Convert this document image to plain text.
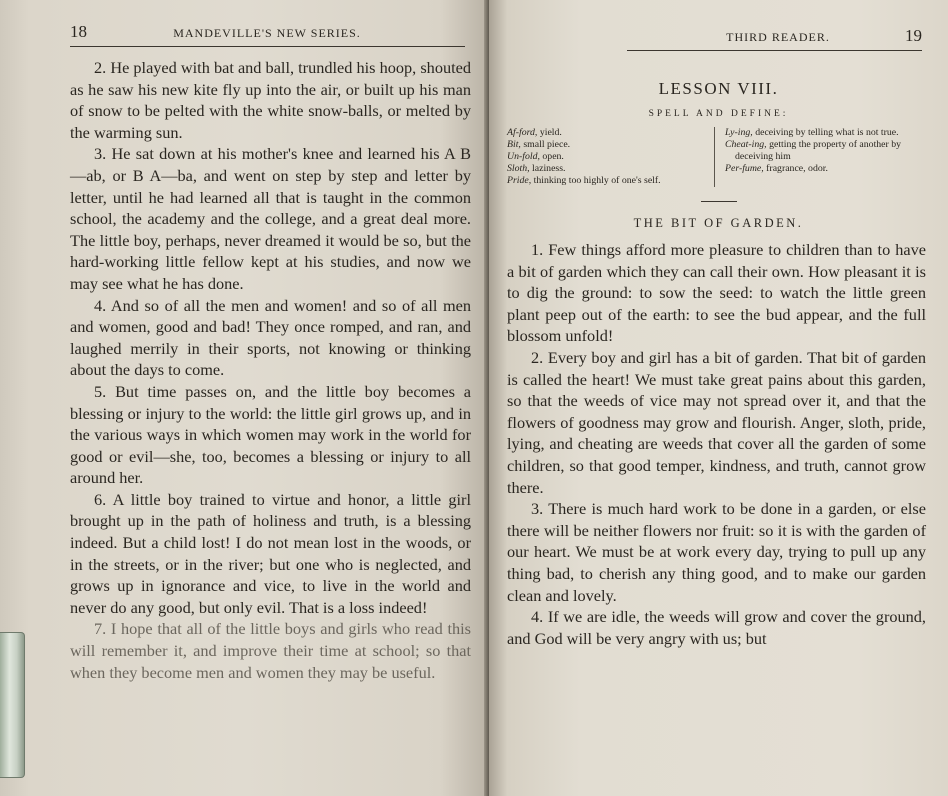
18	MANDEVILLE'S NEW SERIES.

2. He played with bat and ball, trundled his hoop, shouted as he saw his new kite fly up into the air, or built up his man of snow to be pelted with the white snow-balls, or melted by the warming sun.

3. He sat down at his mother's knee and learned his A B—ab, or B A—ba, and went on step by step and letter by letter, until he had learned all that is taught in the common school, the academy and the college, and a great deal more. The little boy, perhaps, never dreamed it would be so, but the hard-working little fellow kept at his studies, and now we may see what he has done.

4. And so of all the men and women! and so of all men and women, good and bad! They once romped, and ran, and laughed merrily in their sports, not knowing or thinking about the days to come.

5. But time passes on, and the little boy becomes a blessing or injury to the world: the little girl grows up, and in the various ways in which women may work in the world for good or evil—she, too, becomes a blessing or injury to all around her.

6. A little boy trained to virtue and honor, a little girl brought up in the path of holiness and truth, is a blessing indeed. But a child lost! I do not mean lost in the woods, or in the streets, or in the river; but one who is neglected, and grows up in ignorance and vice, to live in the world and never do any good, but only evil. That is a loss indeed!

7. I hope that all of the little boys and girls who read this will remember it, and improve their time at school; so that when they become men and women they may be useful.

THIRD READER.	19
LESSON VIII.
SPELL AND DEFINE:

Af-ford, yield.

Bit, small piece.

Un-fold, open.

Sloth, laziness.

Pride, thinking too highly of one's self.

Ly-ing, deceiving by telling what is not true.

Cheat-ing, getting the property of another by deceiving him

Per-fume, fragrance, odor.

THE BIT OF GARDEN.

1. Few things afford more pleasure to children than to have a bit of garden which they can call their own. How pleasant it is to dig the ground: to sow the seed: to watch the little green plant peep out of the earth: to see the bud appear, and the full blossom unfold!

2. Every boy and girl has a bit of garden. That bit of garden is called the heart! We must take great pains about this garden, so that the weeds of vice may not spread over it, and that the flowers of goodness may grow and flourish. Anger, sloth, pride, lying, and cheating are weeds that cover all the garden of some children, so that good temper, kindness, and truth, cannot grow there.

3. There is much hard work to be done in a garden, or else there will be neither flowers nor fruit: so it is with the garden of our heart. We must be at work every day, trying to pull up any thing bad, to cherish any thing good, and to make our garden clean and lovely.

4. If we are idle, the weeds will grow and cover the ground, and God will be very angry with us; but
